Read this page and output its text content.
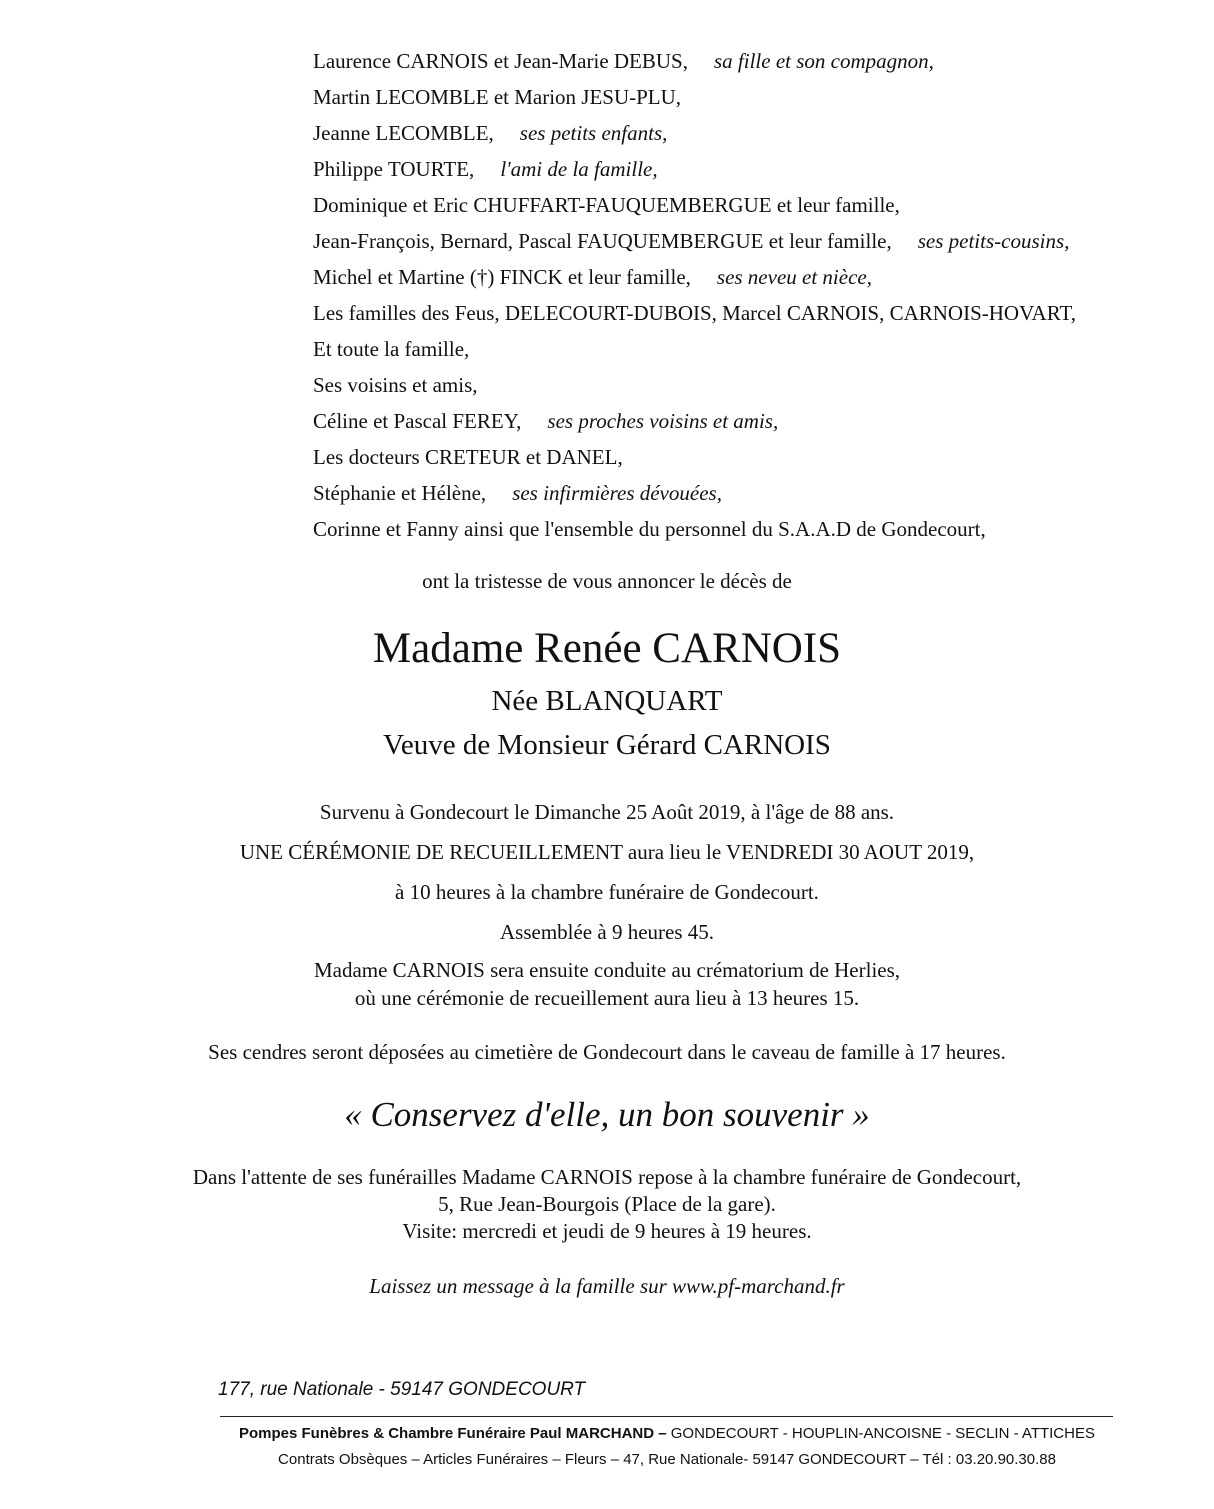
Laurence CARNOIS et Jean-Marie DEBUS, sa fille et son compagnon,
Martin LECOMBLE et Marion JESU-PLU,
Jeanne LECOMBLE, ses petits enfants,
Philippe TOURTE, l'ami de la famille,
Dominique et Eric CHUFFART-FAUQUEMBERGUE et leur famille,
Jean-François, Bernard, Pascal FAUQUEMBERGUE et leur famille, ses petits-cousins,
Michel et Martine (†) FINCK et leur famille, ses neveu et nièce,
Les familles des Feus, DELECOURT-DUBOIS, Marcel CARNOIS, CARNOIS-HOVART,
Et toute la famille,
Ses voisins et amis,
Céline et Pascal FEREY, ses proches voisins et amis,
Les docteurs CRETEUR et DANEL,
Stéphanie et Hélène, ses infirmières dévouées,
Corinne et Fanny ainsi que l'ensemble du personnel du S.A.A.D de Gondecourt,
ont la tristesse de vous annoncer le décès de
Madame Renée CARNOIS
Née BLANQUART
Veuve de Monsieur Gérard CARNOIS
Survenu à Gondecourt le Dimanche 25 Août 2019, à l'âge de 88 ans.
UNE CÉRÉMONIE DE RECUEILLEMENT aura lieu le VENDREDI 30 AOUT 2019,
à 10 heures à la chambre funéraire de Gondecourt.
Assemblée à 9 heures 45.
Madame CARNOIS sera ensuite conduite au crématorium de Herlies,
où une cérémonie de recueillement aura lieu à 13 heures 15.
Ses cendres seront déposées au cimetière de Gondecourt dans le caveau de famille à 17 heures.
« Conservez d'elle, un bon souvenir »
Dans l'attente de ses funérailles Madame CARNOIS repose à la chambre funéraire de Gondecourt,
5, Rue Jean-Bourgois (Place de la gare).
Visite: mercredi et jeudi de 9 heures à 19 heures.
Laissez un message à la famille sur www.pf-marchand.fr
177, rue Nationale - 59147 GONDECOURT
Pompes Funèbres & Chambre Funéraire Paul MARCHAND – GONDECOURT - HOUPLIN-ANCOISNE - SECLIN - ATTICHES
Contrats Obsèques – Articles Funéraires – Fleurs – 47, Rue Nationale- 59147 GONDECOURT – Tél : 03.20.90.30.88
